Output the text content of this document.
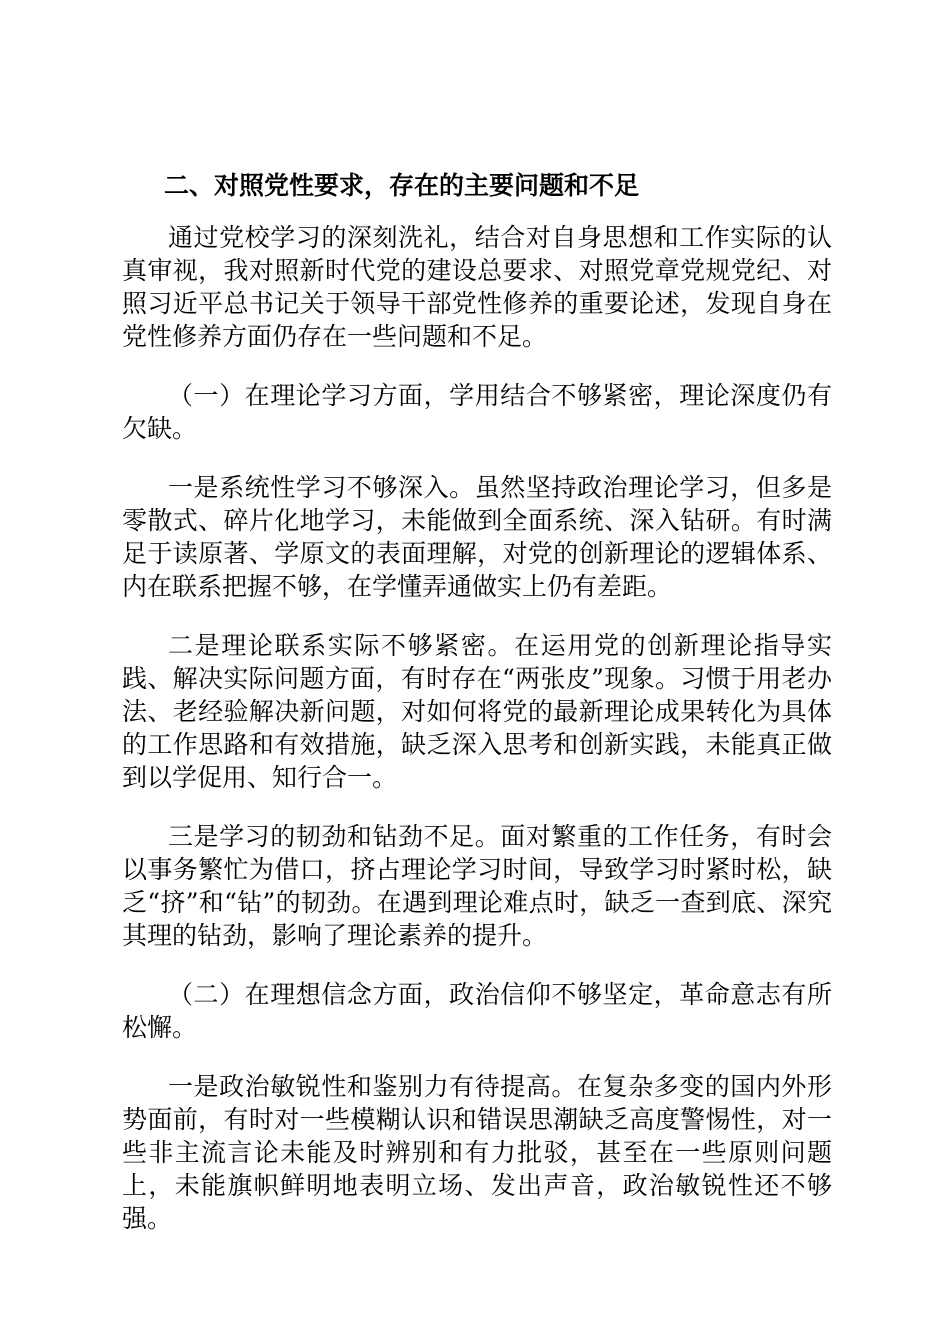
二、对照党性要求，存在的主要问题和不足

通过党校学习的深刻洗礼，结合对自身思想和工作实际的认真审视，我对照新时代党的建设总要求、对照党章党规党纪、对照习近平总书记关于领导干部党性修养的重要论述，发现自身在党性修养方面仍存在一些问题和不足。

（一）在理论学习方面，学用结合不够紧密，理论深度仍有欠缺。

一是系统性学习不够深入。虽然坚持政治理论学习，但多是零散式、碎片化地学习，未能做到全面系统、深入钻研。有时满足于读原著、学原文的表面理解，对党的创新理论的逻辑体系、内在联系把握不够，在学懂弄通做实上仍有差距。

二是理论联系实际不够紧密。在运用党的创新理论指导实践、解决实际问题方面，有时存在“两张皮”现象。习惯于用老办法、老经验解决新问题，对如何将党的最新理论成果转化为具体的工作思路和有效措施，缺乏深入思考和创新实践，未能真正做到以学促用、知行合一。

三是学习的韧劲和钻劲不足。面对繁重的工作任务，有时会以事务繁忙为借口，挤占理论学习时间，导致学习时紧时松，缺乏“挤”和“钻”的韧劲。在遇到理论难点时，缺乏一查到底、深究其理的钻劲，影响了理论素养的提升。

（二）在理想信念方面，政治信仰不够坚定，革命意志有所松懈。

一是政治敏锐性和鉴别力有待提高。在复杂多变的国内外形势面前，有时对一些模糊认识和错误思潮缺乏高度警惕性，对一些非主流言论未能及时辨别和有力批驳，甚至在一些原则问题上，未能旗帜鲜明地表明立场、发出声音，政治敏锐性还不够强。
